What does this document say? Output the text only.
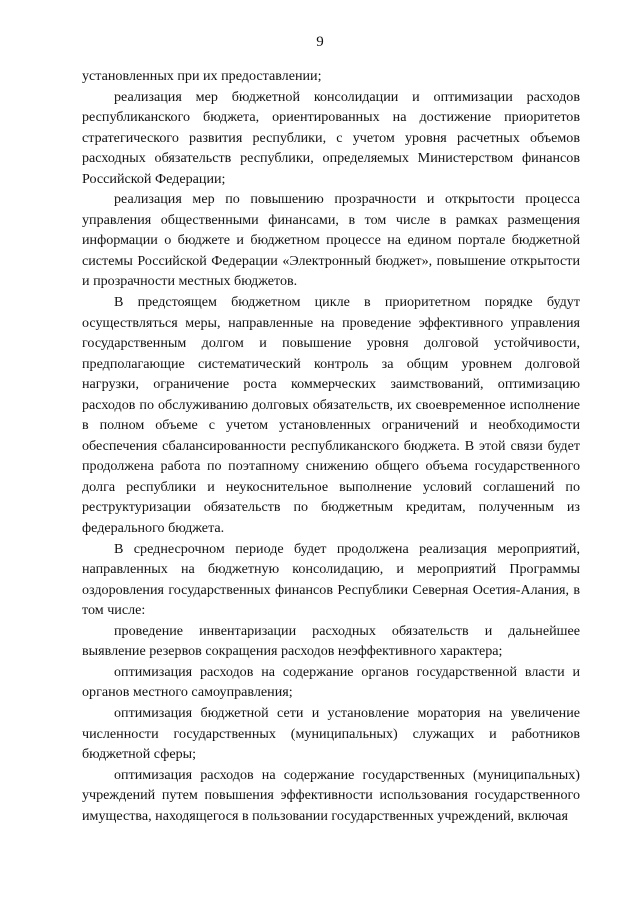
9

установленных при их предоставлении;

реализация мер бюджетной консолидации и оптимизации расходов республиканского бюджета, ориентированных на достижение приоритетов стратегического развития республики, с учетом уровня расчетных объемов расходных обязательств республики, определяемых Министерством финансов Российской Федерации;

реализация мер по повышению прозрачности и открытости процесса управления общественными финансами, в том числе в рамках размещения информации о бюджете и бюджетном процессе на едином портале бюджетной системы Российской Федерации «Электронный бюджет», повышение открытости и прозрачности местных бюджетов.

В предстоящем бюджетном цикле в приоритетном порядке будут осуществляться меры, направленные на проведение эффективного управления государственным долгом и повышение уровня долговой устойчивости, предполагающие систематический контроль за общим уровнем долговой нагрузки, ограничение роста коммерческих заимствований, оптимизацию расходов по обслуживанию долговых обязательств, их своевременное исполнение в полном объеме с учетом установленных ограничений и необходимости обеспечения сбалансированности республиканского бюджета. В этой связи будет продолжена работа по поэтапному снижению общего объема государственного долга республики и неукоснительное выполнение условий соглашений по реструктуризации обязательств по бюджетным кредитам, полученным из федерального бюджета.

В среднесрочном периоде будет продолжена реализация мероприятий, направленных на бюджетную консолидацию, и мероприятий Программы оздоровления государственных финансов Республики Северная Осетия-Алания, в том числе:

проведение инвентаризации расходных обязательств и дальнейшее выявление резервов сокращения расходов неэффективного характера;

оптимизация расходов на содержание органов государственной власти и органов местного самоуправления;

оптимизация бюджетной сети и установление моратория на увеличение численности государственных (муниципальных) служащих и работников бюджетной сферы;

оптимизация расходов на содержание государственных (муниципальных) учреждений путем повышения эффективности использования государственного имущества, находящегося в пользовании государственных учреждений, включая
